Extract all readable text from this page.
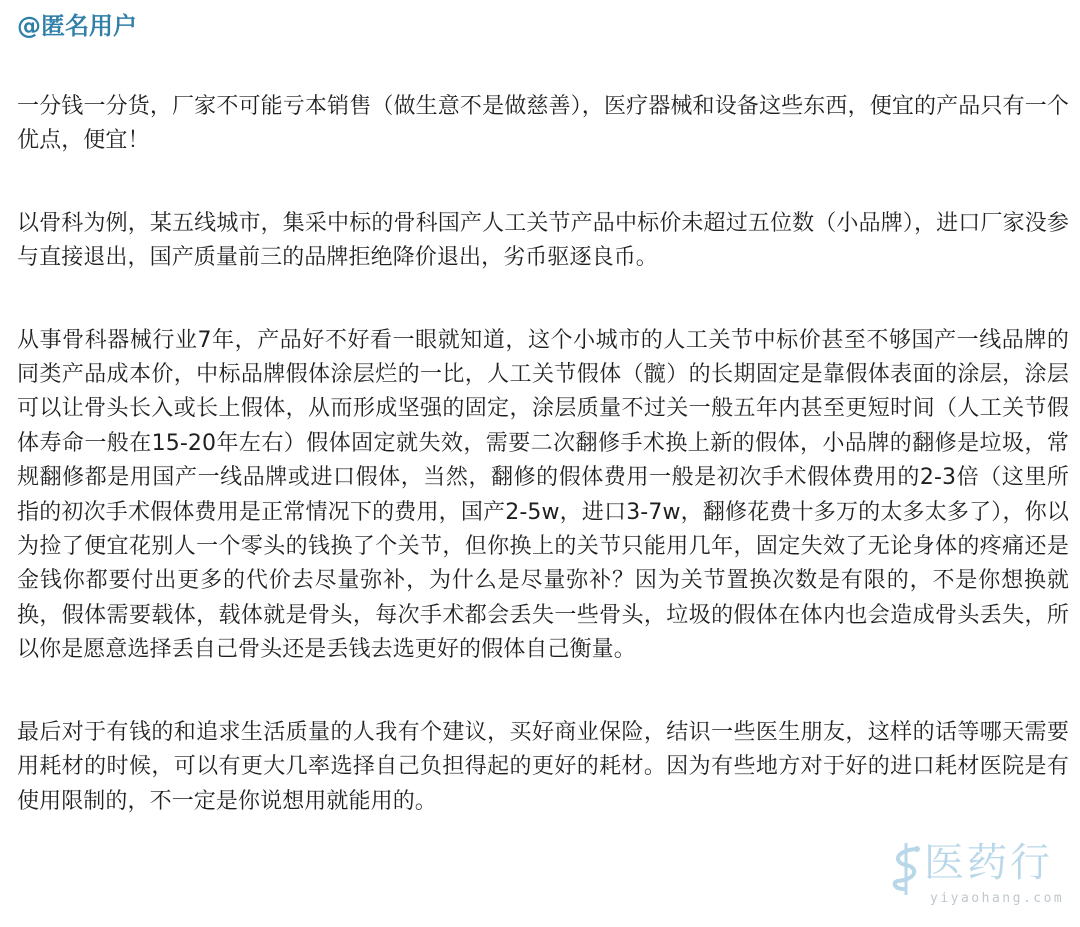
@匿名用户
一分钱一分货，厂家不可能亏本销售（做生意不是做慈善），医疗器械和设备这些东西，便宜的产品只有一个优点，便宜！
以骨科为例，某五线城市，集采中标的骨科国产人工关节产品中标价未超过五位数（小品牌），进口厂家没参与直接退出，国产质量前三的品牌拒绝降价退出，劣币驱逐良币。
从事骨科器械行业7年，产品好不好看一眼就知道，这个小城市的人工关节中标价甚至不够国产一线品牌的同类产品成本价，中标品牌假体涂层烂的一比，人工关节假体（髋）的长期固定是靠假体表面的涂层，涂层可以让骨头长入或长上假体，从而形成坚强的固定，涂层质量不过关一般五年内甚至更短时间（人工关节假体寿命一般在15-20年左右）假体固定就失效，需要二次翻修手术换上新的假体，小品牌的翻修是垃圾，常规翻修都是用国产一线品牌或进口假体，当然，翻修的假体费用一般是初次手术假体费用的2-3倍（这里所指的初次手术假体费用是正常情况下的费用，国产2-5w，进口3-7w，翻修花费十多万的太多太多了），你以为捡了便宜花别人一个零头的钱换了个关节，但你换上的关节只能用几年，固定失效了无论身体的疼痛还是金钱你都要付出更多的代价去尽量弥补，为什么是尽量弥补？因为关节置换次数是有限的，不是你想换就换，假体需要载体，载体就是骨头，每次手术都会丢失一些骨头，垃圾的假体在体内也会造成骨头丢失，所以你是愿意选择丢自己骨头还是丢钱去选更好的假体自己衡量。
最后对于有钱的和追求生活质量的人我有个建议，买好商业保险，结识一些医生朋友，这样的话等哪天需要用耗材的时候，可以有更大几率选择自己负担得起的更好的耗材。因为有些地方对于好的进口耗材医院是有使用限制的，不一定是你说想用就能用的。
医药行
yiyaohang.com
